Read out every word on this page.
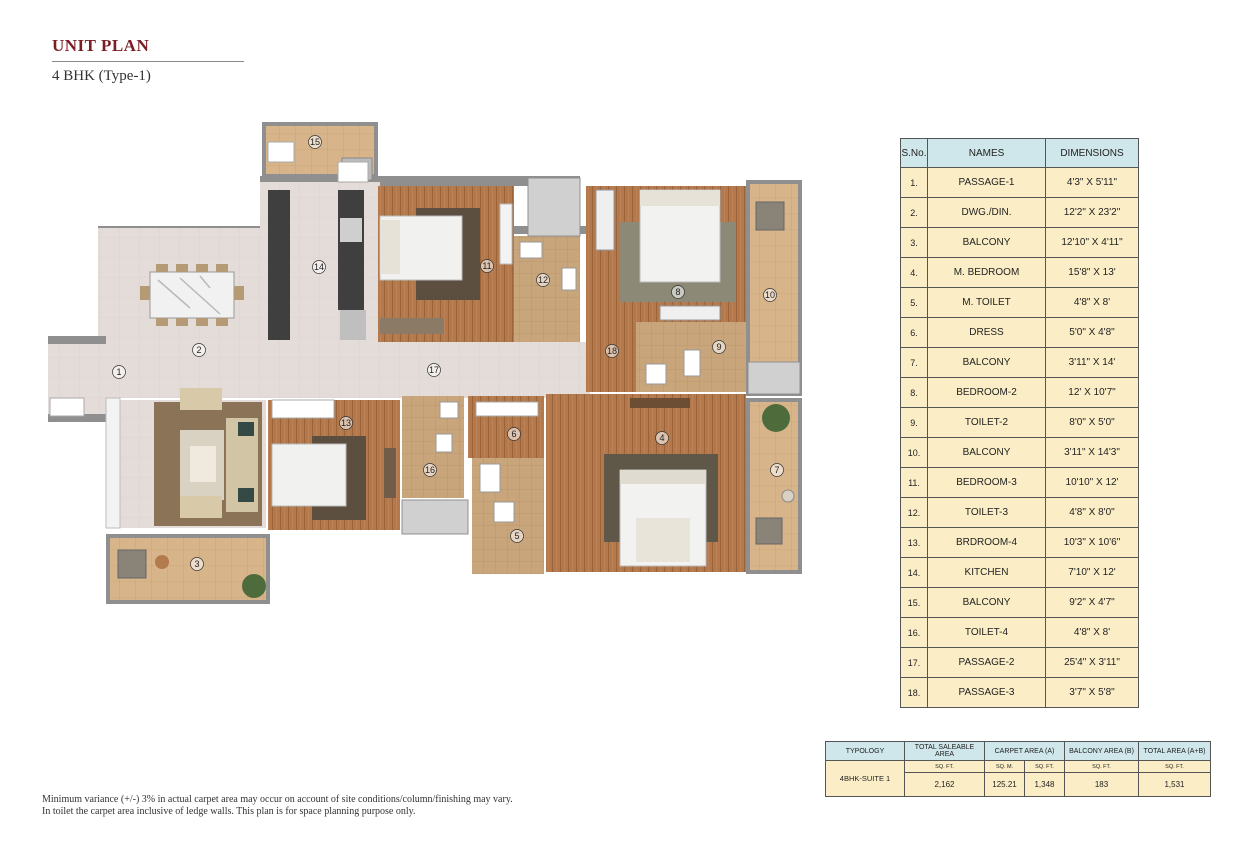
UNIT PLAN
4 BHK (Type-1)
1
2
3
4
5
6
7
8
9
10
11
12
13
14
15
16
17
18
S.No.	NAMES	DIMENSIONS
1.	PASSAGE-1	4'3" X 5'11"
2.	DWG./DIN.	12'2" X 23'2"
3.	BALCONY	12'10" X 4'11"
4.	M. BEDROOM	15'8" X 13'
5.	M. TOILET	4'8" X 8'
6.	DRESS	5'0" X 4'8"
7.	BALCONY	3'11" X 14'
8.	BEDROOM-2	12' X 10'7"
9.	TOILET-2	8'0" X 5'0"
10.	BALCONY	3'11" X 14'3"
11.	BEDROOM-3	10'10" X 12'
12.	TOILET-3	4'8" X 8'0"
13.	BRDROOM-4	10'3" X 10'6"
14.	KITCHEN	7'10" X 12'
15.	BALCONY	9'2" X 4'7"
16.	TOILET-4	4'8" X 8'
17.	PASSAGE-2	25'4" X 3'11"
18.	PASSAGE-3	3'7" X 5'8"
TYPOLOGY	TOTAL SALEABLE AREA	CARPET AREA (A)		BALCONY AREA (B)	TOTAL AREA (A+B)
4BHK-SUITE 1	SQ. FT.	SQ. M.	SQ. FT.	SQ. FT.	SQ. FT.
	2,162	125.21	1,348	183	1,531
Minimum variance (+/-) 3% in actual carpet area may occur on account of site conditions/column/finishing may vary.
In toilet the carpet area inclusive of ledge walls. This plan is for space planning purpose only.
